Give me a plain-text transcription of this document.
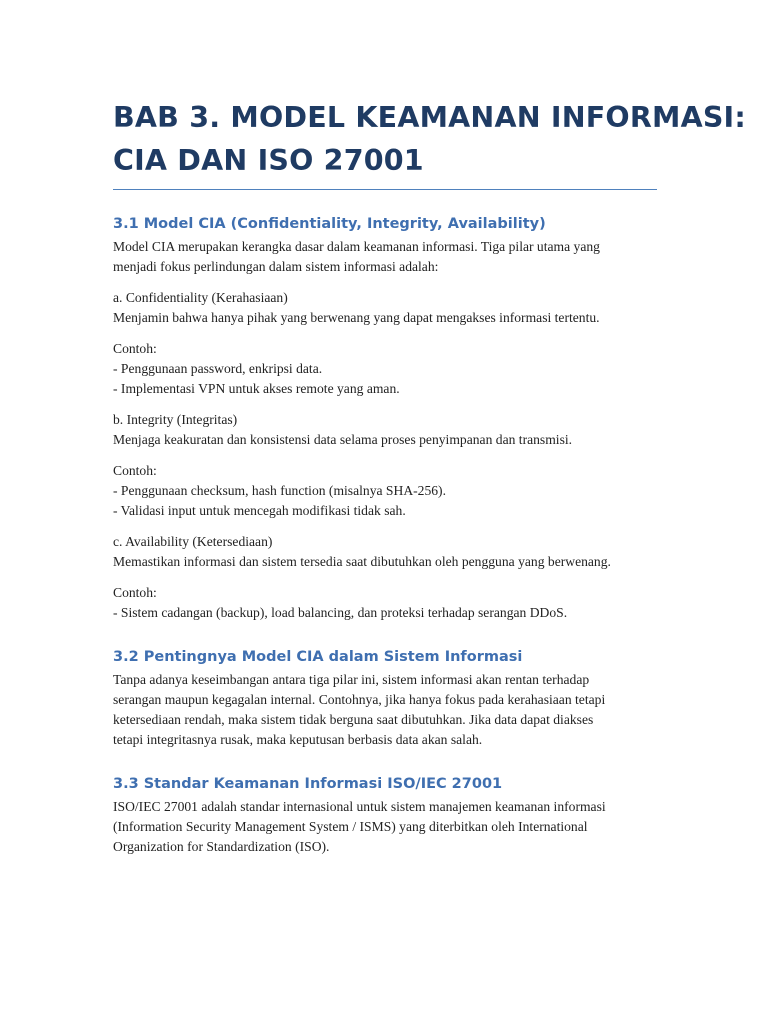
BAB 3. MODEL KEAMANAN INFORMASI:
CIA DAN ISO 27001
3.1 Model CIA (Confidentiality, Integrity, Availability)
Model CIA merupakan kerangka dasar dalam keamanan informasi. Tiga pilar utama yang
menjadi fokus perlindungan dalam sistem informasi adalah:
a. Confidentiality (Kerahasiaan)
Menjamin bahwa hanya pihak yang berwenang yang dapat mengakses informasi tertentu.
Contoh:
- Penggunaan password, enkripsi data.
- Implementasi VPN untuk akses remote yang aman.
b. Integrity (Integritas)
Menjaga keakuratan dan konsistensi data selama proses penyimpanan dan transmisi.
Contoh:
- Penggunaan checksum, hash function (misalnya SHA-256).
- Validasi input untuk mencegah modifikasi tidak sah.
c. Availability (Ketersediaan)
Memastikan informasi dan sistem tersedia saat dibutuhkan oleh pengguna yang berwenang.
Contoh:
- Sistem cadangan (backup), load balancing, dan proteksi terhadap serangan DDoS.
3.2 Pentingnya Model CIA dalam Sistem Informasi
Tanpa adanya keseimbangan antara tiga pilar ini, sistem informasi akan rentan terhadap
serangan maupun kegagalan internal. Contohnya, jika hanya fokus pada kerahasiaan tetapi
ketersediaan rendah, maka sistem tidak berguna saat dibutuhkan. Jika data dapat diakses
tetapi integritasnya rusak, maka keputusan berbasis data akan salah.
3.3 Standar Keamanan Informasi ISO/IEC 27001
ISO/IEC 27001 adalah standar internasional untuk sistem manajemen keamanan informasi
(Information Security Management System / ISMS) yang diterbitkan oleh International
Organization for Standardization (ISO).
